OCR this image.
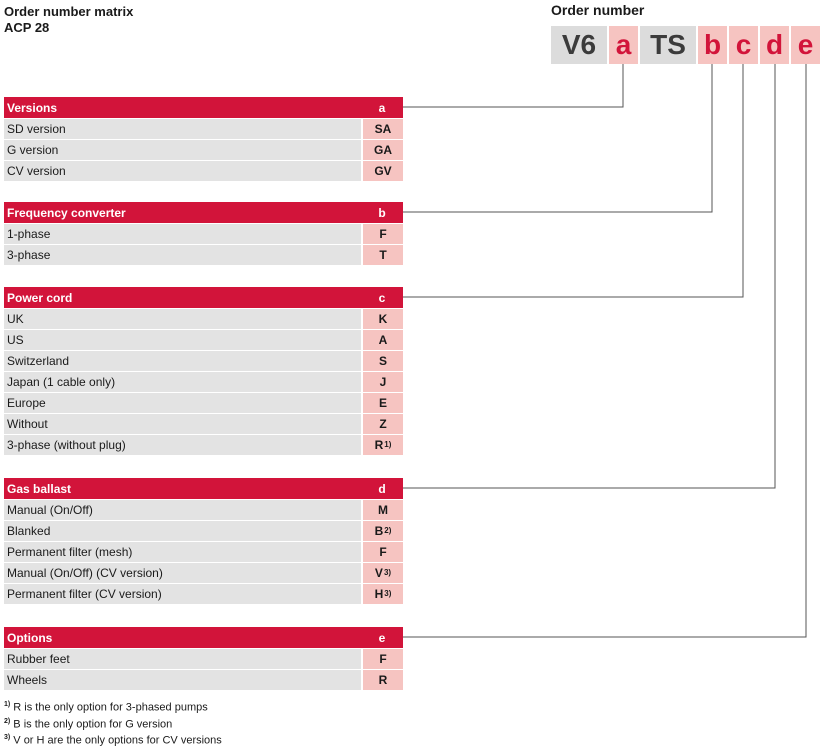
Order number matrix
ACP 28
Order number
V6 a TS b c d e
Versions	a
SD version	SA
G version	GA
CV version	GV
Frequency converter	b
1-phase	F
3-phase	T
Power cord	c
UK	K
US	A
Switzerland	S
Japan (1 cable only)	J
Europe	E
Without	Z
3-phase (without plug)	$R^{1)}$
Gas ballast	d
Manual (On/Off)	M
Blanked	$B^{2)}$
Permanent filter (mesh)	F
Manual (On/Off) (CV version)	$V^{3)}$
Permanent filter (CV version)	$H^{3)}$
Options	e
Rubber feet	F
Wheels	R
$^{1)}$ R is the only option for 3-phased pumps
$^{2)}$ B is the only option for G version
$^{3)}$ V or H are the only options for CV versions
